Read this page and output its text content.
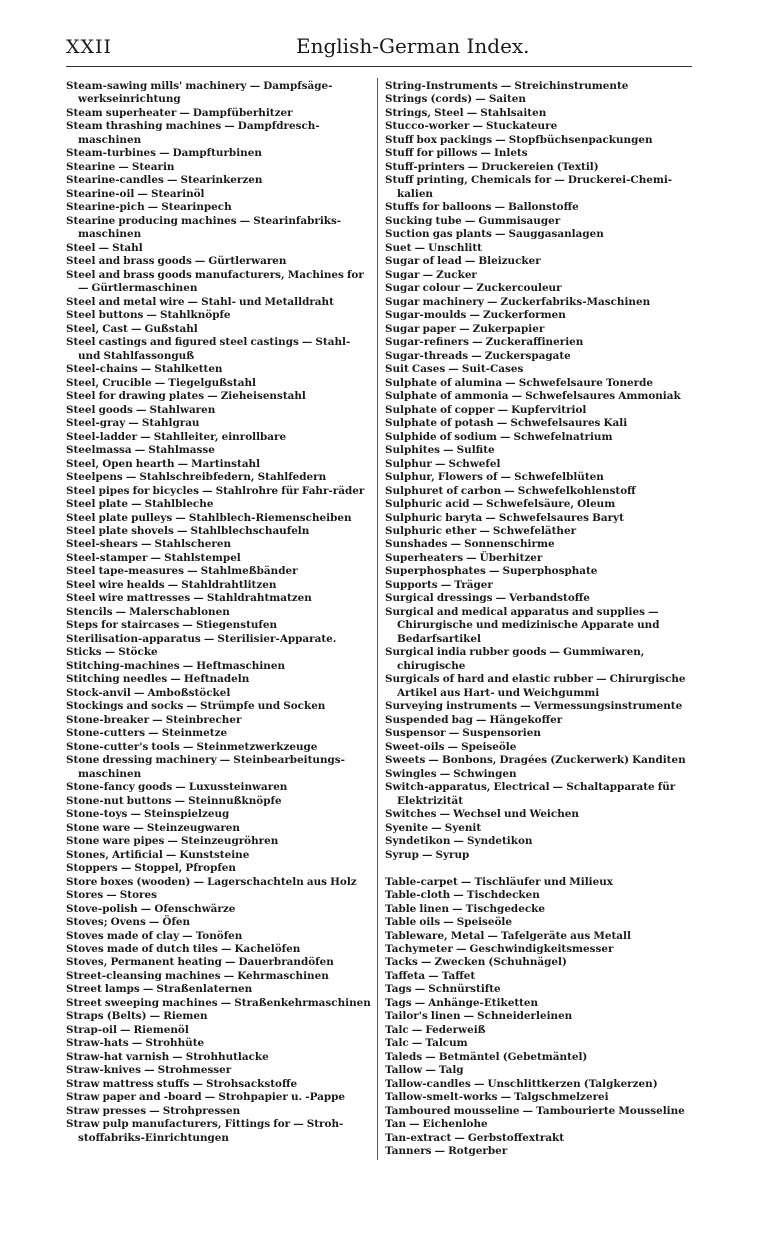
XXII	English-German Index.

Steam-sawing mills' machinery — Dampfsäge-werkseinrichtung

Steam superheater — Dampfüberhitzer

Steam thrashing machines — Dampfdresch-maschinen

Steam-turbines — Dampfturbinen

Stearine — Stearin

Stearine-candles — Stearinkerzen

Stearine-oil — Stearinöl

Stearine-pich — Stearinpech

Stearine producing machines — Stearinfabriks-maschinen

Steel — Stahl

Steel and brass goods — Gürtlerwaren

Steel and brass goods manufacturers, Machines for — Gürtlermaschinen

Steel and metal wire — Stahl- und Metalldraht

Steel buttons — Stahlknöpfe

Steel, Cast — Gußstahl

Steel castings and figured steel castings — Stahl- und Stahlfassonguß

Steel-chains — Stahlketten

Steel, Crucible — Tiegelgußstahl

Steel for drawing plates — Zieheisenstahl

Steel goods — Stahlwaren

Steel-gray — Stahlgrau

Steel-ladder — Stahlleiter, einrollbare

Steelmassa — Stahlmasse

Steel, Open hearth — Martinstahl

Steelpens — Stahlschreibfedern, Stahlfedern

Steel pipes for bicycles — Stahlrohre für Fahr-räder

Steel plate — Stahlbleche

Steel plate pulleys — Stahlblech-Riemenscheiben

Steel plate shovels — Stahlblechschaufeln

Steel-shears — Stahlscheren

Steel-stamper — Stahlstempel

Steel tape-measures — Stahlmeßbänder

Steel wire healds — Stahldrahtlitzen

Steel wire mattresses — Stahldrahtmatzen

Stencils — Malerschablonen

Steps for staircases — Stiegenstufen

Sterilisation-apparatus — Sterilisier-Apparate.

Sticks — Stöcke

Stitching-machines — Heftmaschinen

Stitching needles — Heftnadeln

Stock-anvil — Amboßstöckel

Stockings and socks — Strümpfe und Socken

Stone-breaker — Steinbrecher

Stone-cutters — Steinmetze

Stone-cutter's tools — Steinmetzwerkzeuge

Stone dressing machinery — Steinbearbeitungs-maschinen

Stone-fancy goods — Luxussteinwaren

Stone-nut buttons — Steinnußknöpfe

Stone-toys — Steinspielzeug

Stone ware — Steinzeugwaren

Stone ware pipes — Steinzeugröhren

Stones, Artificial — Kunststeine

Stoppers — Stoppel, Pfropfen

Store boxes (wooden) — Lagerschachteln aus Holz

Stores — Stores

Stove-polish — Ofenschwärze

Stoves; Ovens — Öfen

Stoves made of clay — Tonöfen

Stoves made of dutch tiles — Kachelöfen

Stoves, Permanent heating — Dauerbrandöfen

Street-cleansing machines — Kehrmaschinen

Street lamps — Straßenlaternen

Street sweeping machines — Straßenkehrmaschinen

Straps (Belts) — Riemen

Strap-oil — Riemenöl

Straw-hats — Strohhüte

Straw-hat varnish — Strohhutlacke

Straw-knives — Strohmesser

Straw mattress stuffs — Strohsackstoffe

Straw paper and -board — Strohpapier u. -Pappe

Straw presses — Strohpressen

Straw pulp manufacturers, Fittings for — Stroh-stoffabriks-Einrichtungen

String-Instruments — Streichinstrumente

Strings (cords) — Saiten

Strings, Steel — Stahlsaiten

Stucco-worker — Stuckateure

Stuff box packings — Stopfbüchsenpackungen

Stuff for pillows — Inlets

Stuff-printers — Druckereien (Textil)

Stuff printing, Chemicals for — Druckerei-Chemi-kalien

Stuffs for balloons — Ballonstoffe

Sucking tube — Gummisauger

Suction gas plants — Sauggasanlagen

Suet — Unschlitt

Sugar of lead — Bleizucker

Sugar — Zucker

Sugar colour — Zuckercouleur

Sugar machinery — Zuckerfabriks-Maschinen

Sugar-moulds — Zuckerformen

Sugar paper — Zukerpapier

Sugar-refiners — Zuckeraffinerien

Sugar-threads — Zuckerspagate

Suit Cases — Suit-Cases

Sulphate of alumina — Schwefelsaure Tonerde

Sulphate of ammonia — Schwefelsaures Ammoniak

Sulphate of copper — Kupfervitriol

Sulphate of potash — Schwefelsaures Kali

Sulphide of sodium — Schwefelnatrium

Sulphites — Sulfite

Sulphur — Schwefel

Sulphur, Flowers of — Schwefelblüten

Sulphuret of carbon — Schwefelkohlenstoff

Sulphuric acid — Schwefelsäure, Oleum

Sulphuric baryta — Schwefelsaures Baryt

Sulphuric ether — Schwefeläther

Sunshades — Sonnenschirme

Superheaters — Überhitzer

Superphosphates — Superphosphate

Supports — Träger

Surgical dressings — Verbandstoffe

Surgical and medical apparatus and supplies — Chirurgische und medizinische Apparate und Bedarfsartikel

Surgical india rubber goods — Gummiwaren, chirugische

Surgicals of hard and elastic rubber — Chirurgische Artikel aus Hart- und Weichgummi

Surveying instruments — Vermessungsinstrumente

Suspended bag — Hängekoffer

Suspensor — Suspensorien

Sweet-oils — Speiseöle

Sweets — Bonbons, Dragées (Zuckerwerk) Kanditen

Swingles — Schwingen

Switch-apparatus, Electrical — Schaltapparate für Elektrizität

Switches — Wechsel und Weichen

Syenite — Syenit

Syndetikon — Syndetikon

Syrup — Syrup

Table-carpet — Tischläufer und Milieux

Table-cloth — Tischdecken

Table linen — Tischgedecke

Table oils — Speiseöle

Tableware, Metal — Tafelgeräte aus Metall

Tachymeter — Geschwindigkeitsmesser

Tacks — Zwecken (Schuhnägel)

Taffeta — Taffet

Tags — Schnürstifte

Tags — Anhänge-Etiketten

Tailor's linen — Schneiderleinen

Talc — Federweiß

Talc — Talcum

Taleds — Betmäntel (Gebetmäntel)

Tallow — Talg

Tallow-candles — Unschlittkerzen (Talgkerzen)

Tallow-smelt-works — Talgschmelzerei

Tamboured mousseline — Tambourierte Mousseline

Tan — Eichenlohe

Tan-extract — Gerbstoffextrakt

Tanners — Rotgerber
